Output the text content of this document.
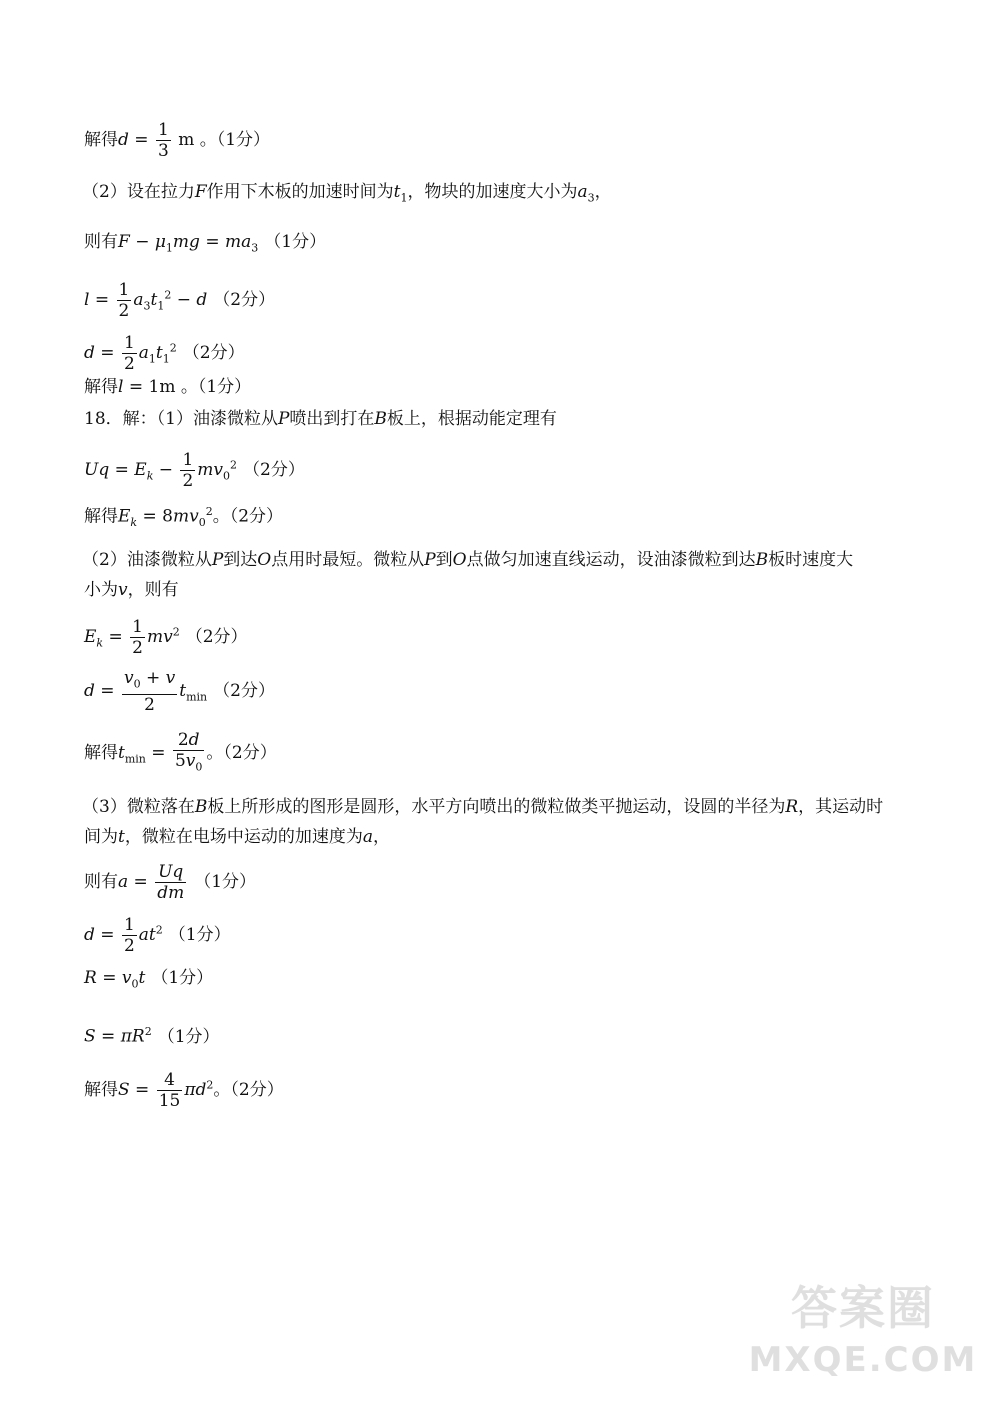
解得$d = \frac{1}{3}$ m 。（1分）
（2）设在拉力F作用下木板的加速时间为$t_1$，物块的加速度大小为$a_3$，
则有$F - \mu_1mg = ma_3$ （1分）
$l = \frac{1}{2} a_3t_1^2 - d$ （2分）
$d = \frac{1}{2} a_1t_1^2$ （2分）
解得l = 1m 。（1分）
18．解：（1）油漆微粒从P喷出到打在B板上，根据动能定理有
$Uq = E_k - \frac{1}{2} mv_0^2$ （2分）
解得$E_k = 8mv_0^2$。（2分）
（2）油漆微粒从P到达O点用时最短。微粒从P到O点做匀加速直线运动，设油漆微粒到达B板时速度大
小为v，则有
$E_k = \frac{1}{2} mv^2$ （2分）
$d = \frac{v_0 + v}{2} t_{min}$ （2分）
解得$t_{min} = \frac{2d}{5v_0}$ 。（2分）
（3）微粒落在B板上所形成的图形是圆形，水平方向喷出的微粒做类平抛运动，设圆的半径为R，其运动时
间为t，微粒在电场中运动的加速度为a，
则有$a = \frac{Uq}{dm} (1$分）
$d = \frac{1}{2} at^2$ （1分）
$R = v_0t$ （1分）
$S = \pi R^2$ （1分）
解得$S = \frac{4}{15} \pi d^2$。（2分）
答案圈
MXQE.COM
